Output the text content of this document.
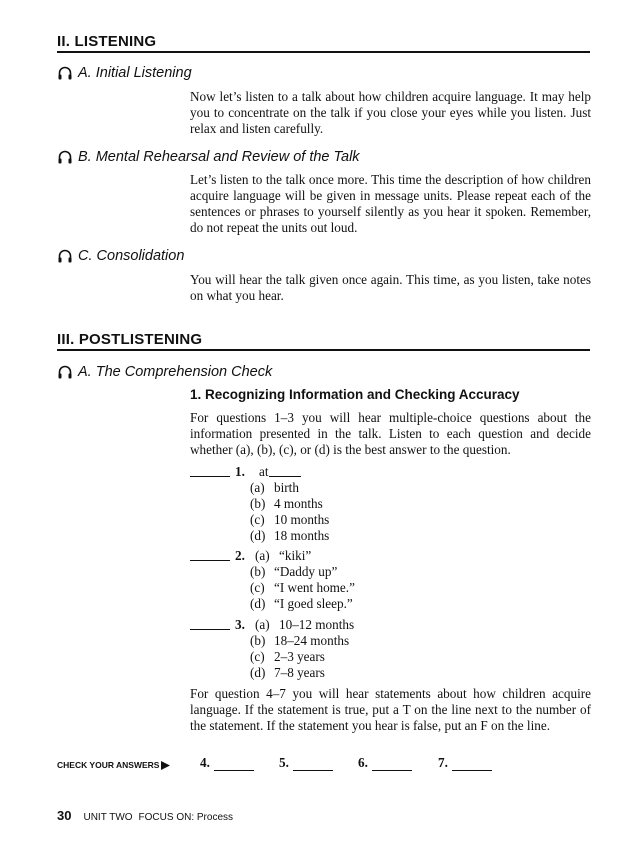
II. LISTENING
A. Initial Listening

Now let’s listen to a talk about how children acquire language. It may help you to concentrate on the talk if you close your eyes while you listen. Just relax and listen carefully.

B. Mental Rehearsal and Review of the Talk

Let’s listen to the talk once more. This time the description of how children acquire language will be given in message units. Please repeat each of the sentences or phrases to yourself silently as you hear it spoken. Remember, do not repeat the units out loud.

C. Consolidation

You will hear the talk given once again. This time, as you listen, take notes on what you hear.

III. POSTLISTENING
A. The Comprehension Check
1. Recognizing Information and Checking Accuracy

For questions 1–3 you will hear multiple-choice questions about the information presented in the talk. Listen to each question and decide whether (a), (b), (c), or (d) is the best answer to the question.

1.	at
(a) birth
(b) 4 months
(c) 10 months
(d) 18 months
2. (a) “kiki”
(b) “Daddy up”
(c) “I went home.”
(d) “I goed sleep.”
3. (a) 10–12 months
(b) 18–24 months
(c) 2–3 years
(d) 7–8 years

For question 4–7 you will hear statements about how children acquire language. If the statement is true, put a T on the line next to the number of the statement. If the statement you hear is false, put an F on the line.

CHECK YOUR ANSWERS	4.	5.	6.	7.
30 UNIT TWO FOCUS ON: Process
